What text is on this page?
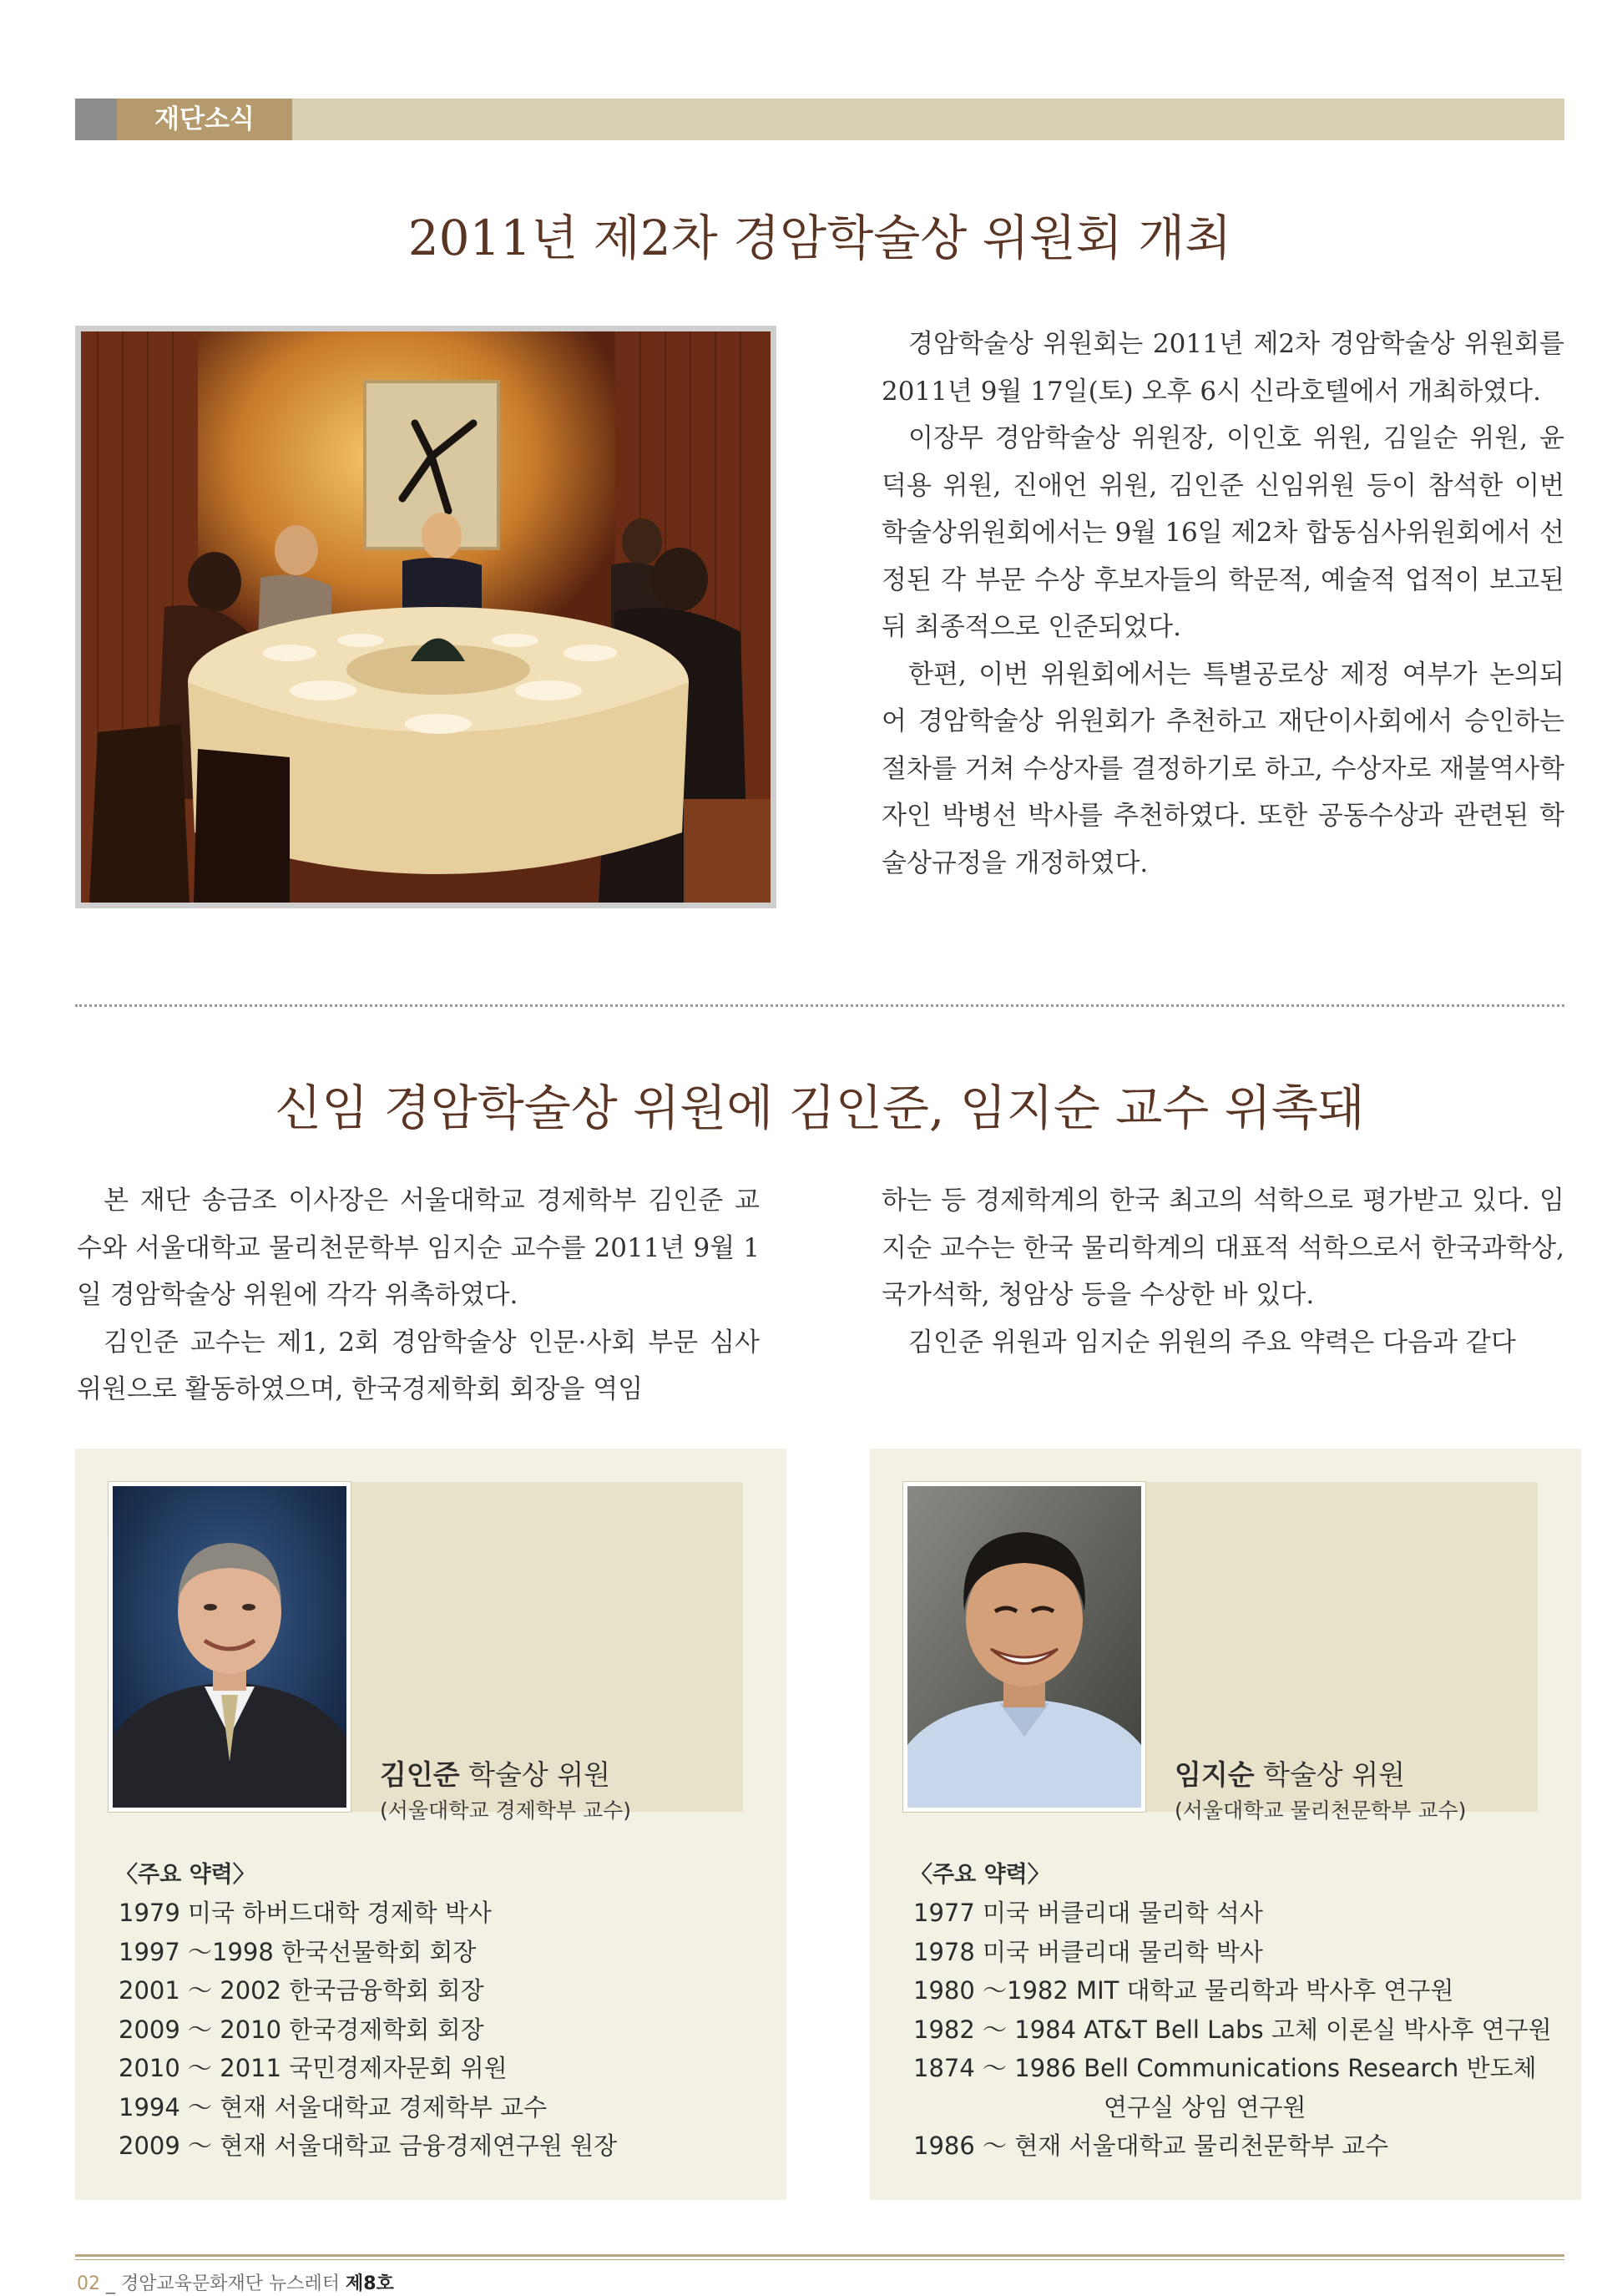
재단소식
2011년 제2차 경암학술상 위원회 개최

경암학술상 위원회는 2011년 제2차 경암학술상 위원회를 2011년 9월 17일(토) 오후 6시 신라호텔에서 개최하였다.

이장무 경암학술상 위원장, 이인호 위원, 김일순 위원, 윤덕용 위원, 진애언 위원, 김인준 신임위원 등이 참석한 이번 학술상위원회에서는 9월 16일 제2차 합동심사위원회에서 선정된 각 부문 수상 후보자들의 학문적, 예술적 업적이 보고된 뒤 최종적으로 인준되었다.

한편, 이번 위원회에서는 특별공로상 제정 여부가 논의되어 경암학술상 위원회가 추천하고 재단이사회에서 승인하는 절차를 거쳐 수상자를 결정하기로 하고, 수상자로 재불역사학자인 박병선 박사를 추천하였다. 또한 공동수상과 관련된 학술상규정을 개정하였다.

신임 경암학술상 위원에 김인준, 임지순 교수 위촉돼

본 재단 송금조 이사장은 서울대학교 경제학부 김인준 교수와 서울대학교 물리천문학부 임지순 교수를 2011년 9월 1일 경암학술상 위원에 각각 위촉하였다.

김인준 교수는 제1, 2회 경암학술상 인문·사회 부문 심사위원으로 활동하였으며, 한국경제학회 회장을 역임

하는 등 경제학계의 한국 최고의 석학으로 평가받고 있다. 임지순 교수는 한국 물리학계의 대표적 석학으로서 한국과학상, 국가석학, 청암상 등을 수상한 바 있다.

김인준 위원과 임지순 위원의 주요 약력은 다음과 같다

김인준 학술상 위원
(서울대학교 경제학부 교수)
〈주요 약력〉
1979 미국 하버드대학 경제학 박사
1997 ～1998 한국선물학회 회장
2001 ～ 2002 한국금융학회 회장
2009 ～ 2010 한국경제학회 회장
2010 ～ 2011 국민경제자문회 위원
1994 ～ 현재 서울대학교 경제학부 교수
2009 ～ 현재 서울대학교 금융경제연구원 원장
임지순 학술상 위원
(서울대학교 물리천문학부 교수)
〈주요 약력〉
1977 미국 버클리대 물리학 석사
1978 미국 버클리대 물리학 박사
1980 ～1982 MIT 대학교 물리학과 박사후 연구원
1982 ～ 1984 AT&T Bell Labs 고체 이론실 박사후 연구원
1874 ～ 1986 Bell Communications Research 반도체
연구실 상임 연구원
1986 ～ 현재 서울대학교 물리천문학부 교수
02 _ 경암교육문화재단 뉴스레터 제8호
